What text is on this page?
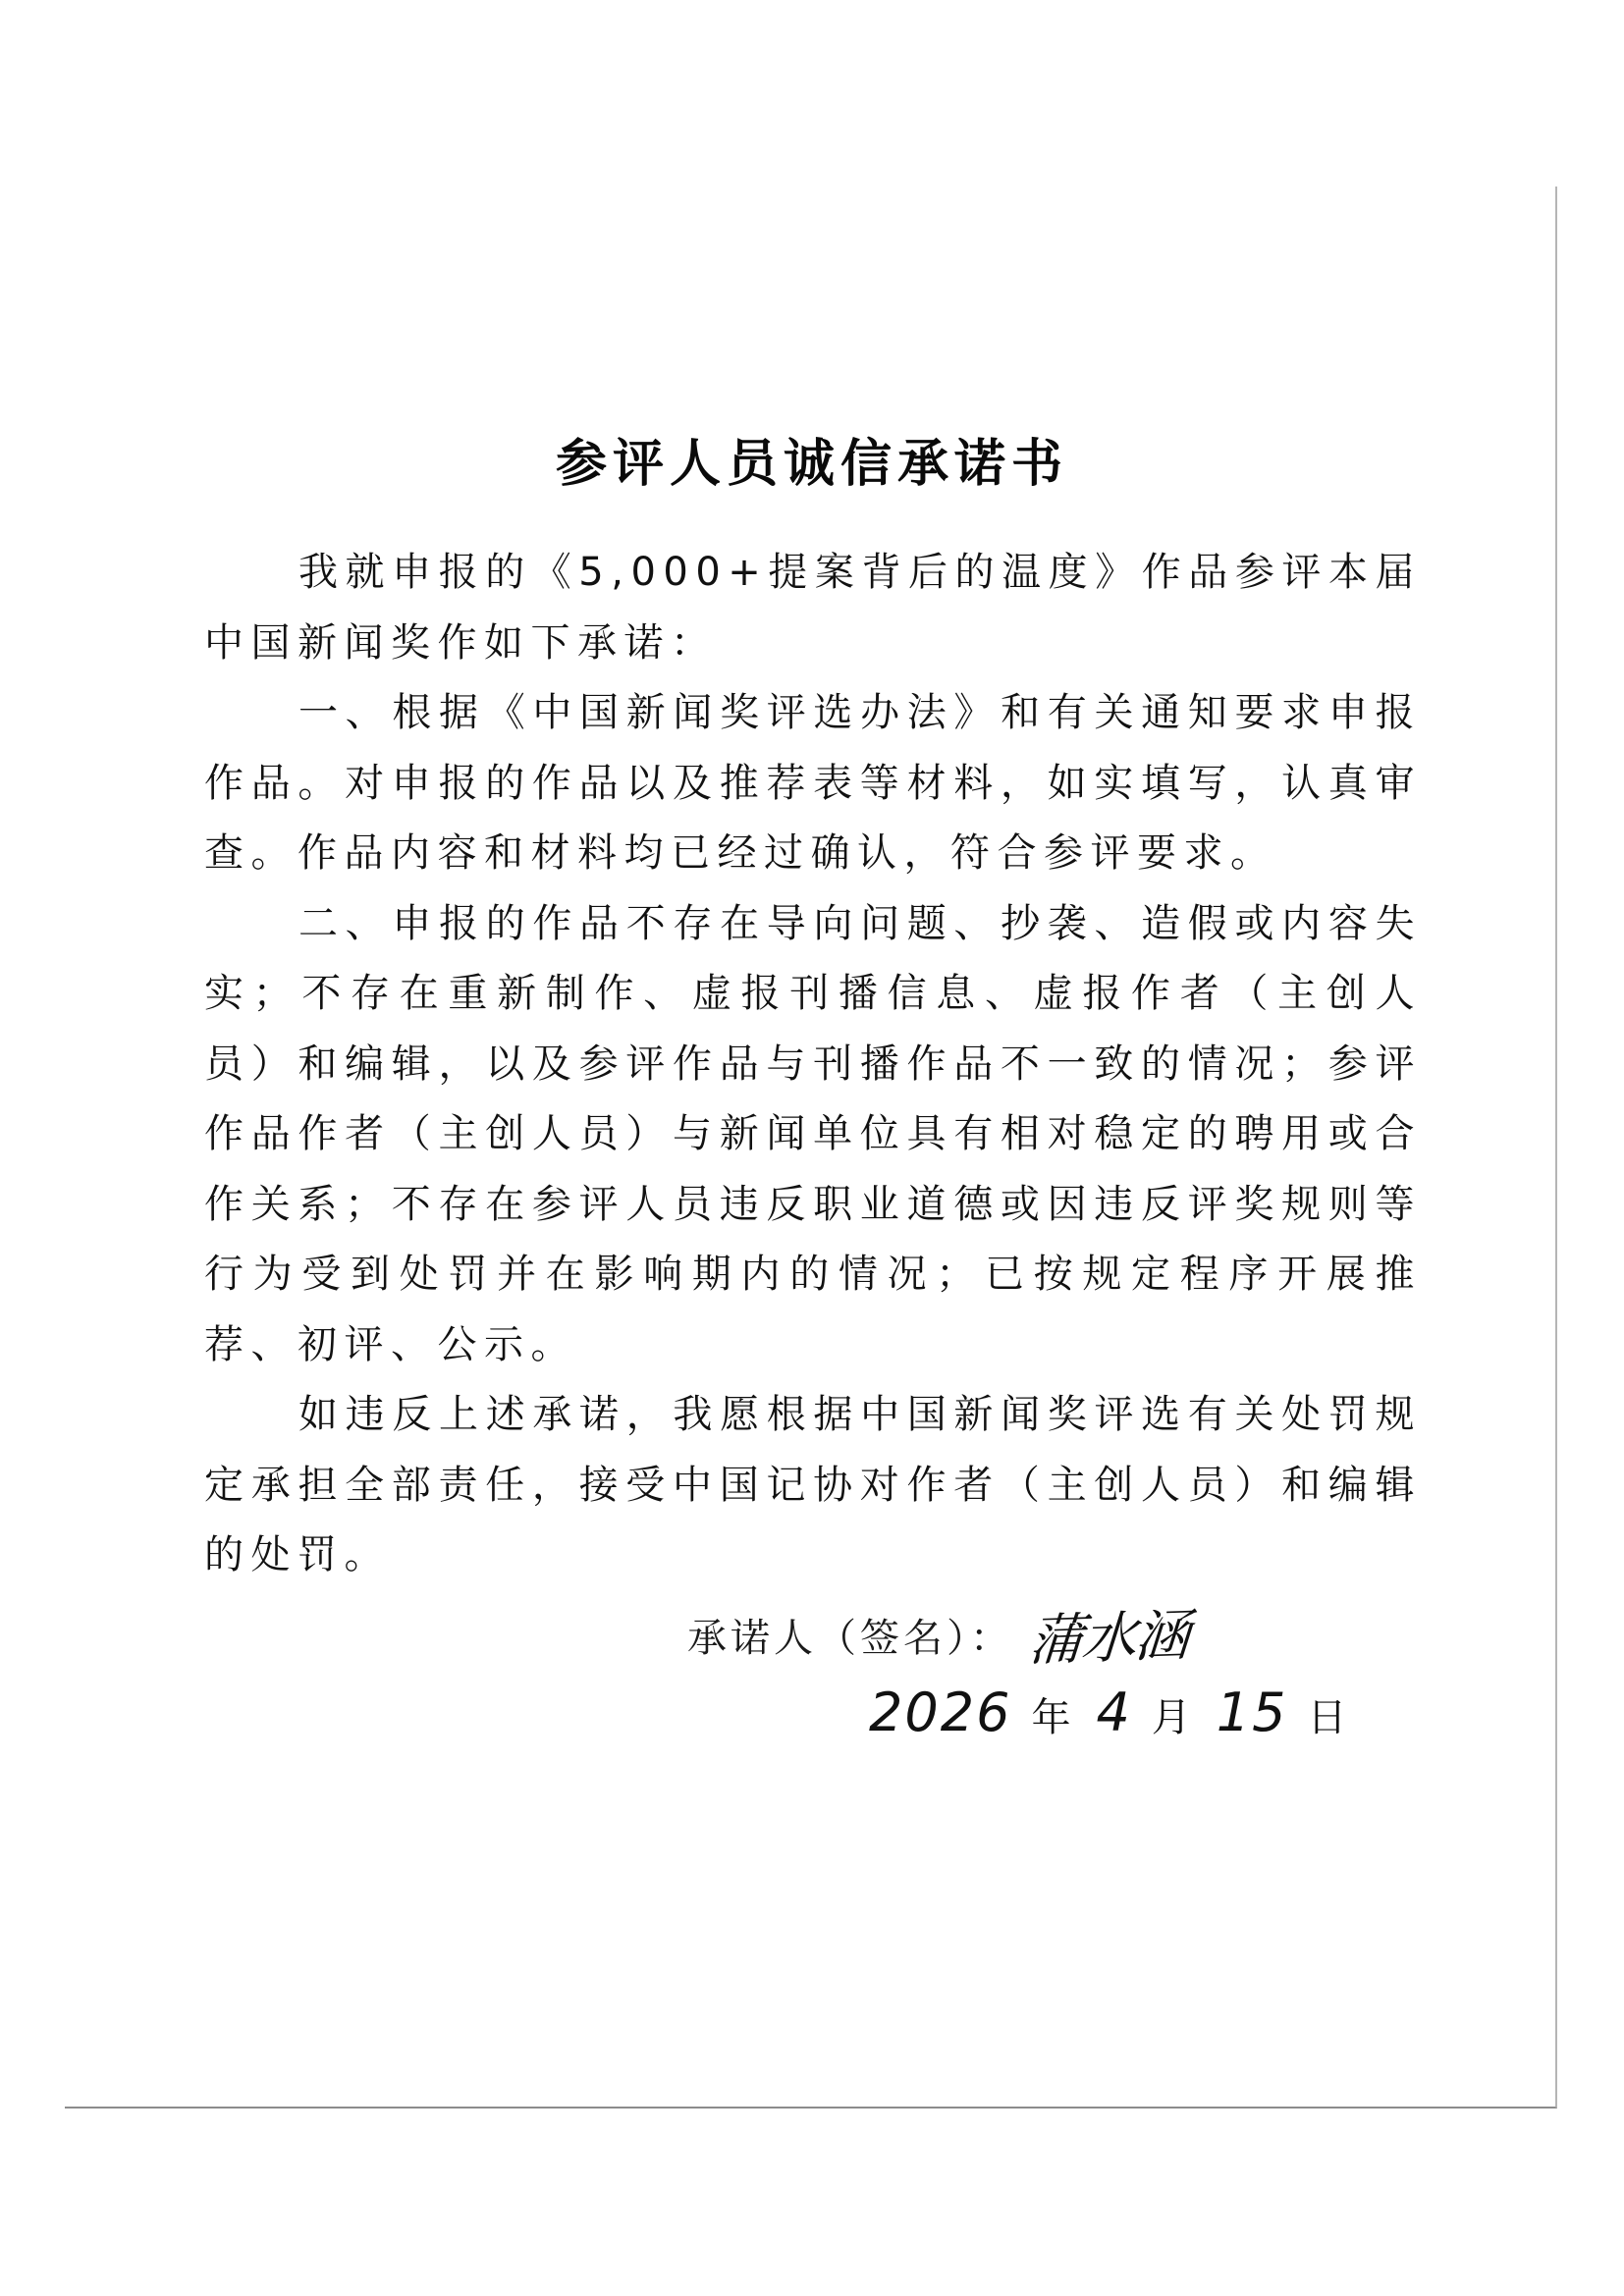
参评人员诚信承诺书

我就申报的《5,000+提案背后的温度》作品参评本届中国新闻奖作如下承诺：

一、根据《中国新闻奖评选办法》和有关通知要求申报作品。对申报的作品以及推荐表等材料，如实填写，认真审查。作品内容和材料均已经过确认，符合参评要求。

二、申报的作品不存在导向问题、抄袭、造假或内容失实；不存在重新制作、虚报刊播信息、虚报作者（主创人员）和编辑，以及参评作品与刊播作品不一致的情况；参评作品作者（主创人员）与新闻单位具有相对稳定的聘用或合作关系；不存在参评人员违反职业道德或因违反评奖规则等行为受到处罚并在影响期内的情况；已按规定程序开展推荐、初评、公示。

如违反上述承诺，我愿根据中国新闻奖评选有关处罚规定承担全部责任，接受中国记协对作者（主创人员）和编辑的处罚。

承诺人（签名）： 蒲水涵
2026 年 4 月 15 日
